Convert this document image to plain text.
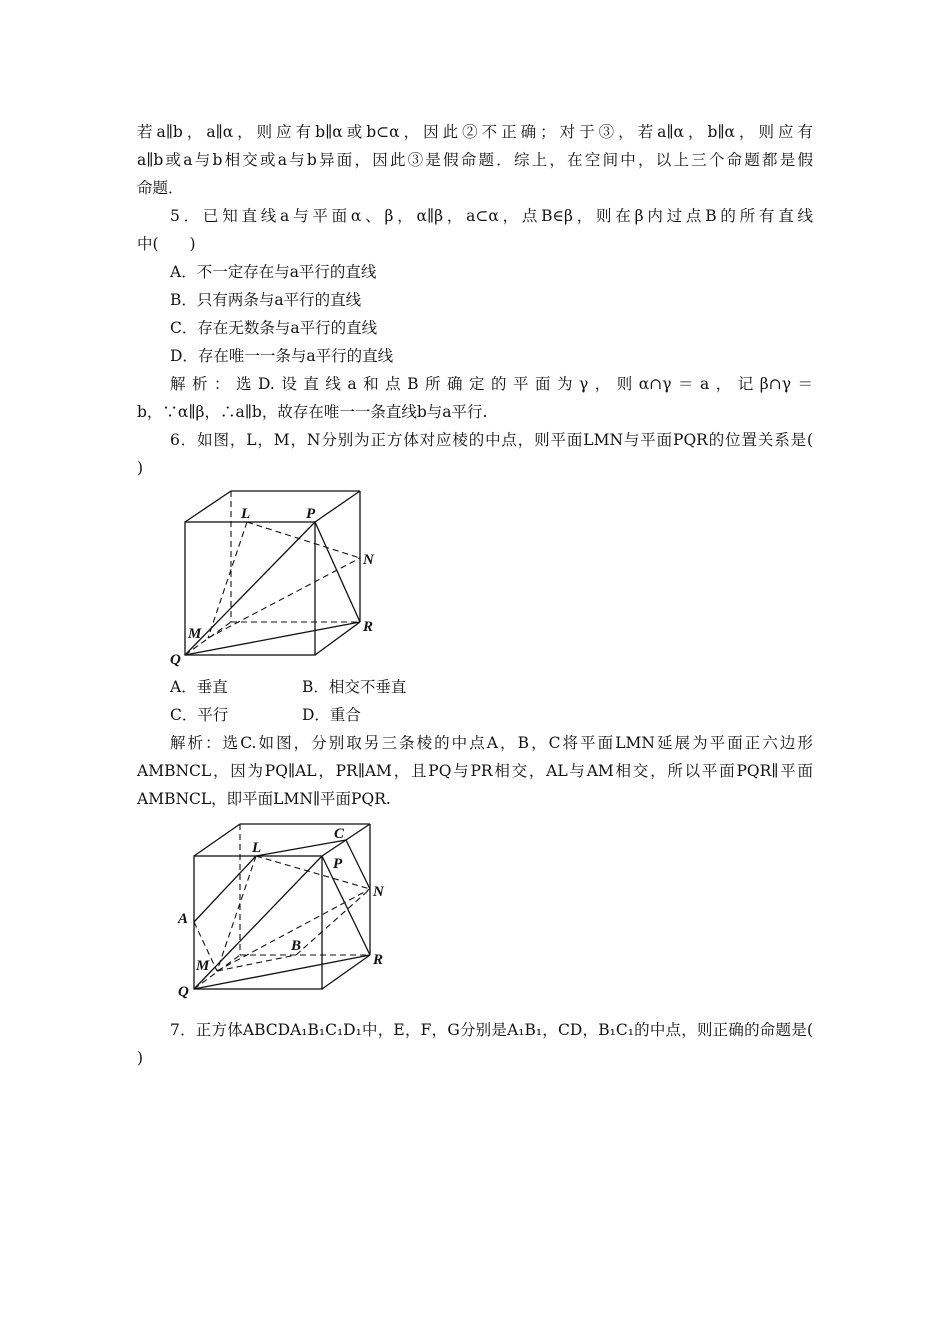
若a∥b，a∥α，则应有b∥α或b⊂α，因此②不正确；对于③，若a∥α，b∥α，则应有
a∥b或a与b相交或a与b异面，因此③是假命题．综上，在空间中，以上三个命题都是假
命题．
5．已知直线a与平面α、β，α∥β，a⊂α，点B∈β，则在β内过点B的所有直线
中(　　)
A．不一定存在与a平行的直线
B．只有两条与a平行的直线
C．存在无数条与a平行的直线
D．存在唯一一条与a平行的直线
解析：选D.设直线a和点B所确定的平面为γ，则α∩γ＝a，记β∩γ＝
b，∵α∥β，∴a∥b，故存在唯一一条直线b与a平行.
6．如图，L，M，N分别为正方体对应棱的中点，则平面LMN与平面PQR的位置关系是(
)
L	P
N
M	R
Q
A．垂直	B．相交不垂直
C．平行	D．重合
解析：选C.如图，分别取另三条棱的中点A，B，C将平面LMN延展为平面正六边形
AMBNCL，因为PQ∥AL，PR∥AM，且PQ与PR相交，AL与AM相交，所以平面PQR∥平面
AMBNCL，即平面LMN∥平面PQR.
C
L
P
N
A
B
M	R
Q
7．正方体ABCDA₁B₁C₁D₁中，E，F，G分别是A₁B₁，CD，B₁C₁的中点，则正确的命题是(
)
